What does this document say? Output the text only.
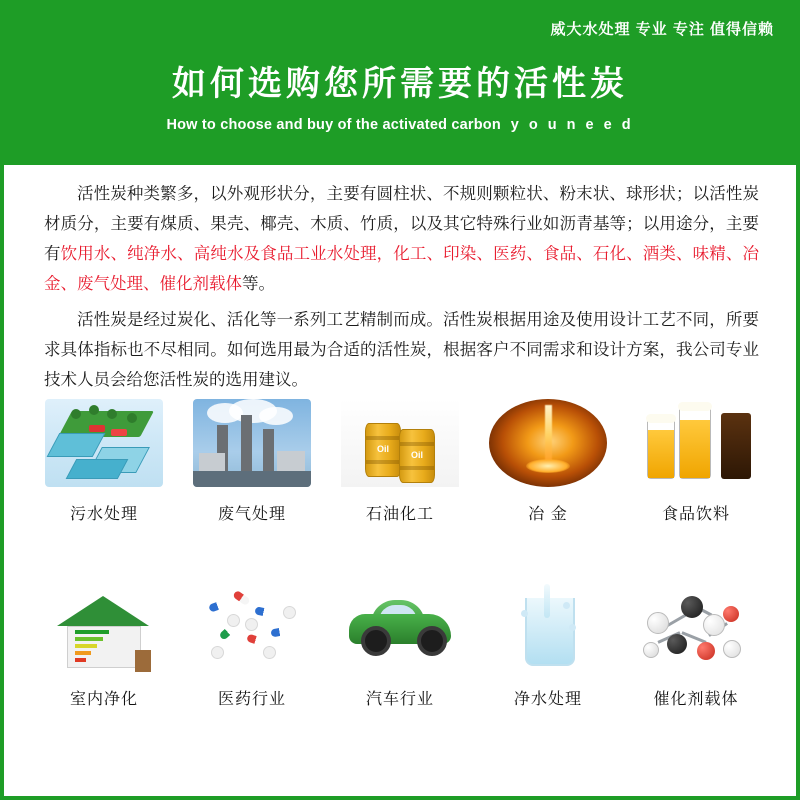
威大水处理 专业 专注 值得信赖
如何选购您所需要的活性炭
How to choose and buy of the activated carbon y o u n e e d

活性炭种类繁多，以外观形状分，主要有圆柱状、不规则颗粒状、粉末状、球形状；以活性炭材质分，主要有煤质、果壳、椰壳、木质、竹质，以及其它特殊行业如沥青基等；以用途分，主要有饮用水、纯净水、高纯水及食品工业水处理，化工、印染、医药、食品、石化、酒类、味精、冶金、废气处理、催化剂载体等。

活性炭是经过炭化、活化等一系列工艺精制而成。活性炭根据用途及使用设计工艺不同，所要求具体指标也不尽相同。如何选用最为合适的活性炭，根据客户不同需求和设计方案，我公司专业技术人员会给您活性炭的选用建议。

污水处理	废气处理
Oil
Oil
石油化工	冶 金	食品饮料
室内净化	医药行业	汽车行业	净水处理	催化剂载体
